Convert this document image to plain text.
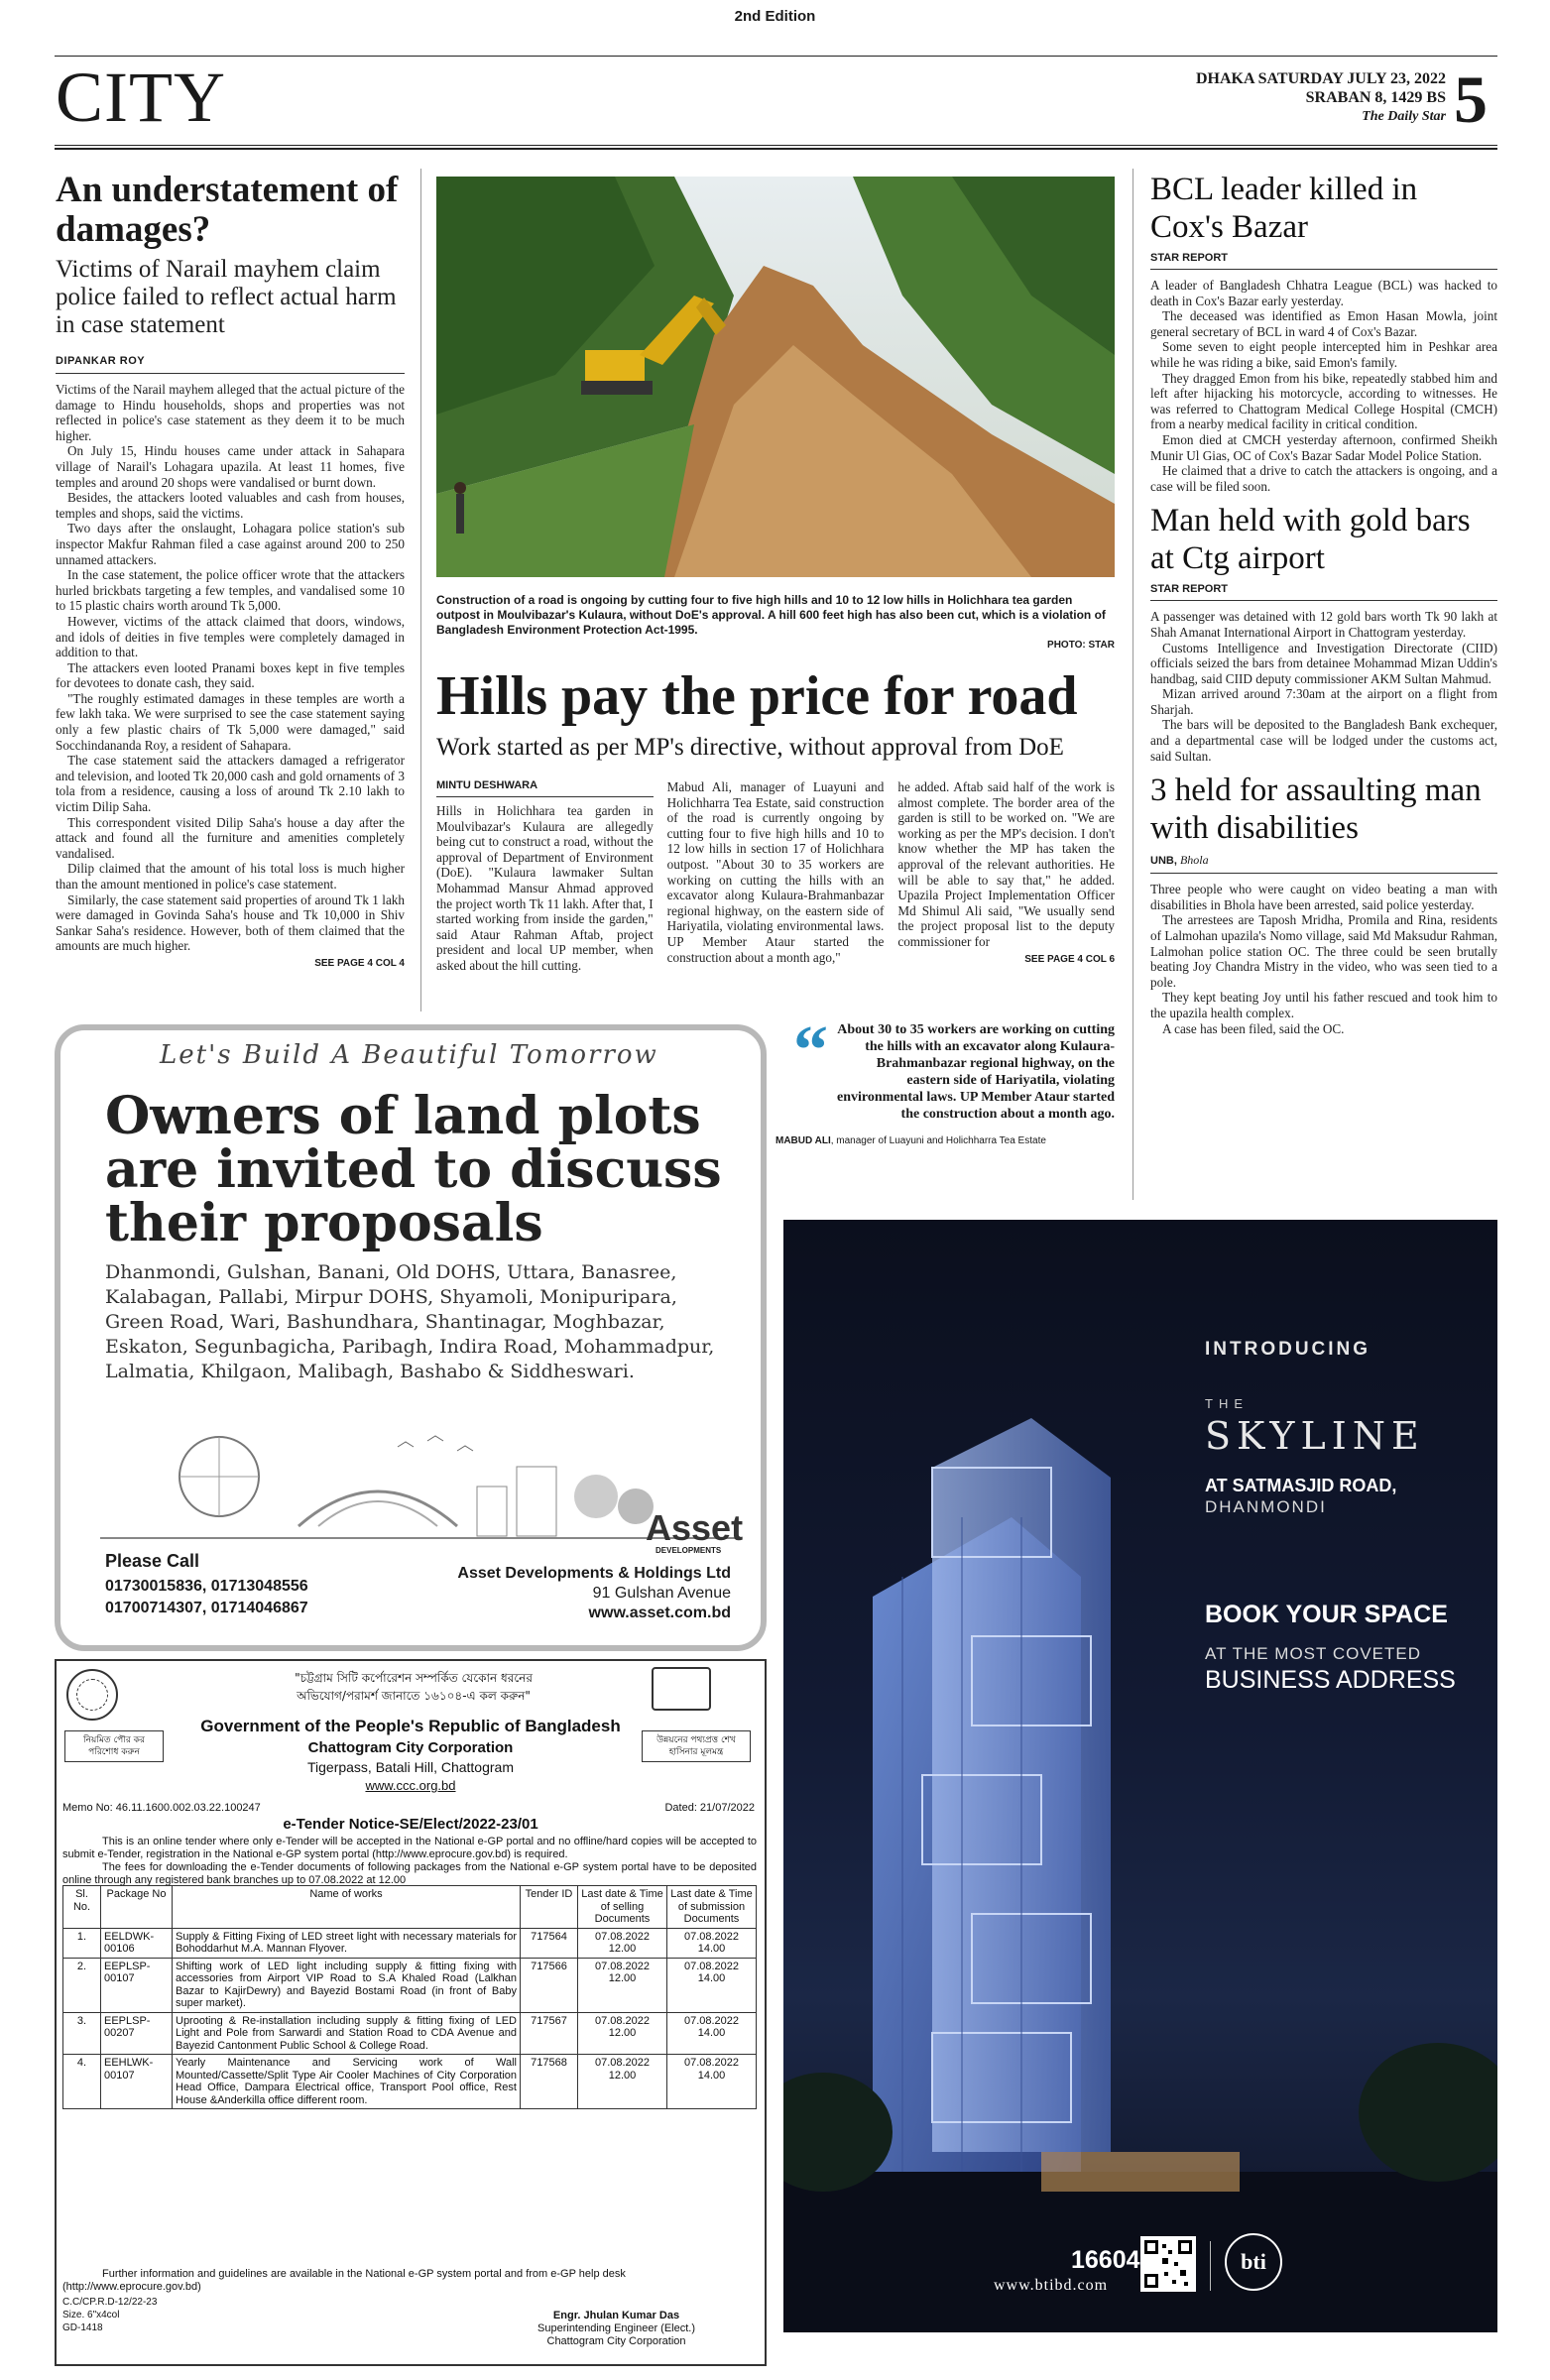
2nd Edition
CITY	DHAKA SATURDAY JULY 23, 2022
SRABAN 8, 1429 BS
The Daily Star 5
An understatement of damages?
Victims of Narail mayhem claim police failed to reflect actual harm in case statement
DIPANKAR ROY

Victims of the Narail mayhem alleged that the actual picture of the damage to Hindu households, shops and properties was not reflected in police's case statement as they deem it to be much higher.

On July 15, Hindu houses came under attack in Sahapara village of Narail's Lohagara upazila. At least 11 homes, five temples and around 20 shops were vandalised or burnt down.

Besides, the attackers looted valuables and cash from houses, temples and shops, said the victims.

Two days after the onslaught, Lohagara police station's sub inspector Makfur Rahman filed a case against around 200 to 250 unnamed attackers.

In the case statement, the police officer wrote that the attackers hurled brickbats targeting a few temples, and vandalised some 10 to 15 plastic chairs worth around Tk 5,000.

However, victims of the attack claimed that doors, windows, and idols of deities in five temples were completely damaged in addition to that.

The attackers even looted Pranami boxes kept in five temples for devotees to donate cash, they said.

"The roughly estimated damages in these temples are worth a few lakh taka. We were surprised to see the case statement saying only a few plastic chairs of Tk 5,000 were damaged," said Socchindananda Roy, a resident of Sahapara.

The case statement said the attackers damaged a refrigerator and television, and looted Tk 20,000 cash and gold ornaments of 3 tola from a residence, causing a loss of around Tk 2.10 lakh to victim Dilip Saha.

This correspondent visited Dilip Saha's house a day after the attack and found all the furniture and amenities completely vandalised.

Dilip claimed that the amount of his total loss is much higher than the amount mentioned in police's case statement.

Similarly, the case statement said properties of around Tk 1 lakh were damaged in Govinda Saha's house and Tk 10,000 in Shiv Sankar Saha's residence. However, both of them claimed that the amounts are much higher.

SEE PAGE 4 COL 4
Construction of a road is ongoing by cutting four to five high hills and 10 to 12 low hills in Holichhara tea garden outpost in Moulvibazar's Kulaura, without DoE's approval. A hill 600 feet high has also been cut, which is a violation of Bangladesh Environment Protection Act-1995.
PHOTO: STAR
Hills pay the price for road
Work started as per MP's directive, without approval from DoE
MINTU DESHWARA
Hills in Holichhara tea garden in Moulvibazar's Kulaura are allegedly being cut to construct a road, without the approval of Department of Environment (DoE). "Kulaura lawmaker Sultan Mohammad Mansur Ahmad approved the project worth Tk 11 lakh. After that, I started working from inside the garden," said Ataur Rahman Aftab, project president and local UP member, when asked about the hill cutting.
Mabud Ali, manager of Luayuni and Holichharra Tea Estate, said construction of the road is currently ongoing by cutting four to five high hills and 10 to 12 low hills in section 17 of Holichhara outpost. "About 30 to 35 workers are working on cutting the hills with an excavator along Kulaura-Brahmanbazar regional highway, on the eastern side of Hariyatila, violating environmental laws. UP Member Ataur started the construction about a month ago,"
he added. Aftab said half of the work is almost complete. The border area of the garden is still to be worked on. "We are working as per the MP's decision. I don't know whether the MP has taken the approval of the relevant authorities. He will be able to say that," he added. Upazila Project Implementation Officer Md Shimul Ali said, "We usually send the project proposal list to the deputy commissioner for
SEE PAGE 4 COL 6
“ About 30 to 35 workers are working on cutting the hills with an excavator along Kulaura-Brahmanbazar regional highway, on the eastern side of Hariyatila, violating environmental laws. UP Member Ataur started the construction about a month ago.
MABUD ALI, manager of Luayuni and Holichharra Tea Estate
BCL leader killed in Cox's Bazar
STAR REPORT

A leader of Bangladesh Chhatra League (BCL) was hacked to death in Cox's Bazar early yesterday.

The deceased was identified as Emon Hasan Mowla, joint general secretary of BCL in ward 4 of Cox's Bazar.

Some seven to eight people intercepted him in Peshkar area while he was riding a bike, said Emon's family.

They dragged Emon from his bike, repeatedly stabbed him and left after hijacking his motorcycle, according to witnesses. He was referred to Chattogram Medical College Hospital (CMCH) from a nearby medical facility in critical condition.

Emon died at CMCH yesterday afternoon, confirmed Sheikh Munir Ul Gias, OC of Cox's Bazar Sadar Model Police Station.

He claimed that a drive to catch the attackers is ongoing, and a case will be filed soon.

Man held with gold bars at Ctg airport
STAR REPORT

A passenger was detained with 12 gold bars worth Tk 90 lakh at Shah Amanat International Airport in Chattogram yesterday.

Customs Intelligence and Investigation Directorate (CIID) officials seized the bars from detainee Mohammad Mizan Uddin's handbag, said CIID deputy commissioner AKM Sultan Mahmud.

Mizan arrived around 7:30am at the airport on a flight from Sharjah.

The bars will be deposited to the Bangladesh Bank exchequer, and a departmental case will be lodged under the customs act, said Sultan.

3 held for assaulting man with disabilities
UNB, Bhola

Three people who were caught on video beating a man with disabilities in Bhola have been arrested, said police yesterday.

The arrestees are Taposh Mridha, Promila and Rina, residents of Lalmohan upazila's Nomo village, said Md Maksudur Rahman, Lalmohan police station OC. The three could be seen brutally beating Joy Chandra Mistry in the video, who was seen tied to a pole.

They kept beating Joy until his father rescued and took him to the upazila health complex.

A case has been filed, said the OC.

Let's Build A Beautiful Tomorrow
Owners of land plots are invited to discuss their proposals
Dhanmondi, Gulshan, Banani, Old DOHS, Uttara, Banasree, Kalabagan, Pallabi, Mirpur DOHS, Shyamoli, Monipuripara, Green Road, Wari, Bashundhara, Shantinagar, Moghbazar, Eskaton, Segunbagicha, Paribagh, Indira Road, Mohammadpur, Lalmatia, Khilgaon, Malibagh, Bashabo & Siddheswari.
Please Call
01730015836, 01713048556
01700714307, 01714046867
Asset
DEVELOPMENTS
Asset Developments & Holdings Ltd
91 Gulshan Avenue
www.asset.com.bd
নিয়মিত পৌর কর পরিশোধ করুন
"চট্টগ্রাম সিটি কর্পোরেশন সম্পর্কিত যেকোন ধরনের
অভিযোগ/পরামর্শ জানাতে ১৬১০৪-এ কল করুন"
উন্নয়নের পথ্যপ্রত্ত শেখ হাসিনার মূলমন্ত্র
Government of the People's Republic of Bangladesh
Chattogram City Corporation
Tigerpass, Batali Hill, Chattogram
www.ccc.org.bd
Memo No: 46.11.1600.002.03.22.100247	Dated: 21/07/2022
e-Tender Notice-SE/Elect/2022-23/01
This is an online tender where only e-Tender will be accepted in the National e-GP portal and no offline/hard copies will be accepted to submit e-Tender, registration in the National e-GP system portal (http://www.eprocure.gov.bd) is required.
The fees for downloading the e-Tender documents of following packages from the National e-GP system portal have to be deposited online through any registered bank branches up to 07.08.2022 at 12.00
Sl. No.	Package No	Name of works	Tender ID	Last date & Time of selling Documents	Last date & Time of submission Documents
1.	EELDWK-00106	Supply & Fitting Fixing of LED street light with necessary materials for Bohoddarhut M.A. Mannan Flyover.	717564	07.08.2022 12.00	07.08.2022 14.00
2.	EEPLSP-00107	Shifting work of LED light including supply & fitting fixing with accessories from Airport VIP Road to S.A Khaled Road (Lalkhan Bazar to KajirDewry) and Bayezid Bostami Road (in front of Baby super market).	717566	07.08.2022 12.00	07.08.2022 14.00
3.	EEPLSP-00207	Uprooting & Re-installation including supply & fitting fixing of LED Light and Pole from Sarwardi and Station Road to CDA Avenue and Bayezid Cantonment Public School & College Road.	717567	07.08.2022 12.00	07.08.2022 14.00
4.	EEHLWK-00107	Yearly Maintenance and Servicing work of Wall Mounted/Cassette/Split Type Air Cooler Machines of City Corporation Head Office, Dampara Electrical office, Transport Pool office, Rest House &Anderkilla office different room.	717568	07.08.2022 12.00	07.08.2022 14.00
Further information and guidelines are available in the National e-GP system portal and from e-GP help desk (http://www.eprocure.gov.bd)
C.C/CP.R.D-12/22-23
Size. 6"x4col
GD-1418
Engr. Jhulan Kumar Das
Superintending Engineer (Elect.)
Chattogram City Corporation
INTRODUCING
THE
SKYLINE
AT SATMASJID ROAD,
DHANMONDI
BOOK YOUR SPACE
AT THE MOST COVETED
BUSINESS ADDRESS
16604
www.btibd.com
bti
